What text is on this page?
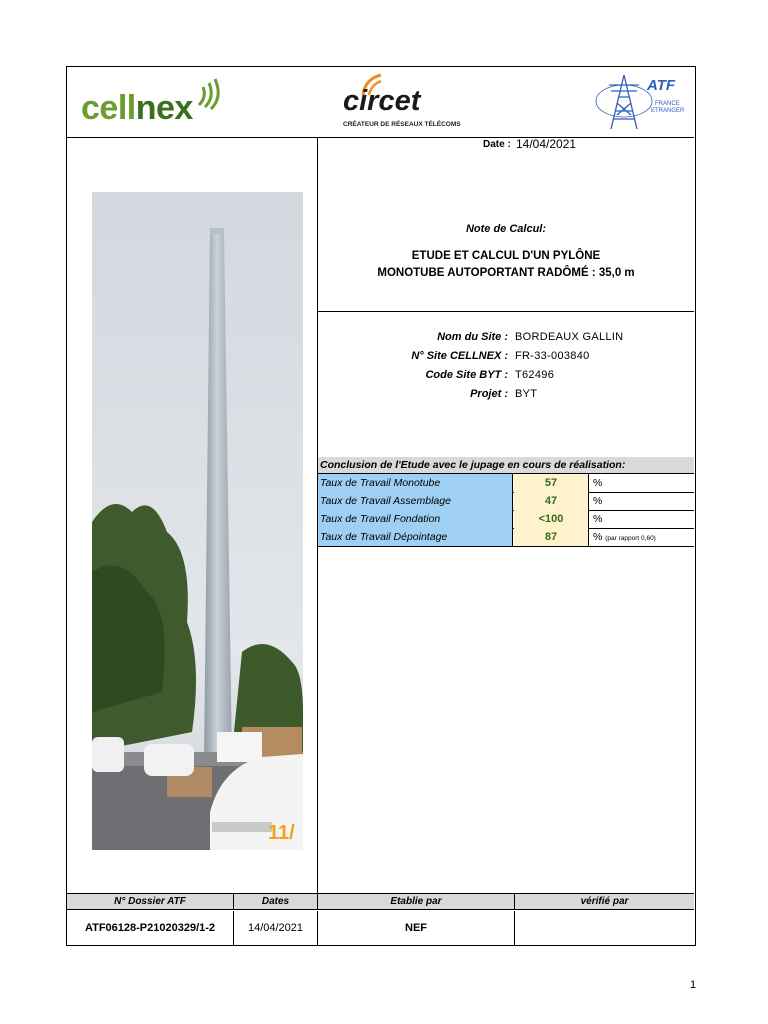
cellnex	circet
CRÉATEUR DE RÉSEAUX TÉLÉCOMS
ATF
FRANCE
ETRANGER
11/
Date : 14/04/2021
Note de Calcul:
ETUDE ET CALCUL D'UN PYLÔNE
MONOTUBE AUTOPORTANT RADÔMÉ : 35,0 m
Nom du Site : BORDEAUX GALLIN
N° Site CELLNEX : FR-33-003840
Code Site BYT : T62496
Projet : BYT
Conclusion de l'Etude avec le jupage en cours de réalisation:
Taux de Travail Monotube	57	%
Taux de Travail Assemblage	47	%
Taux de Travail Fondation	<100	%
Taux de Travail Dépointage	87	% (par rapport 0,60)
N° Dossier ATF	Dates	Etablie par	vérifié par
ATF06128-P21020329/1-2	14/04/2021	NEF
1
